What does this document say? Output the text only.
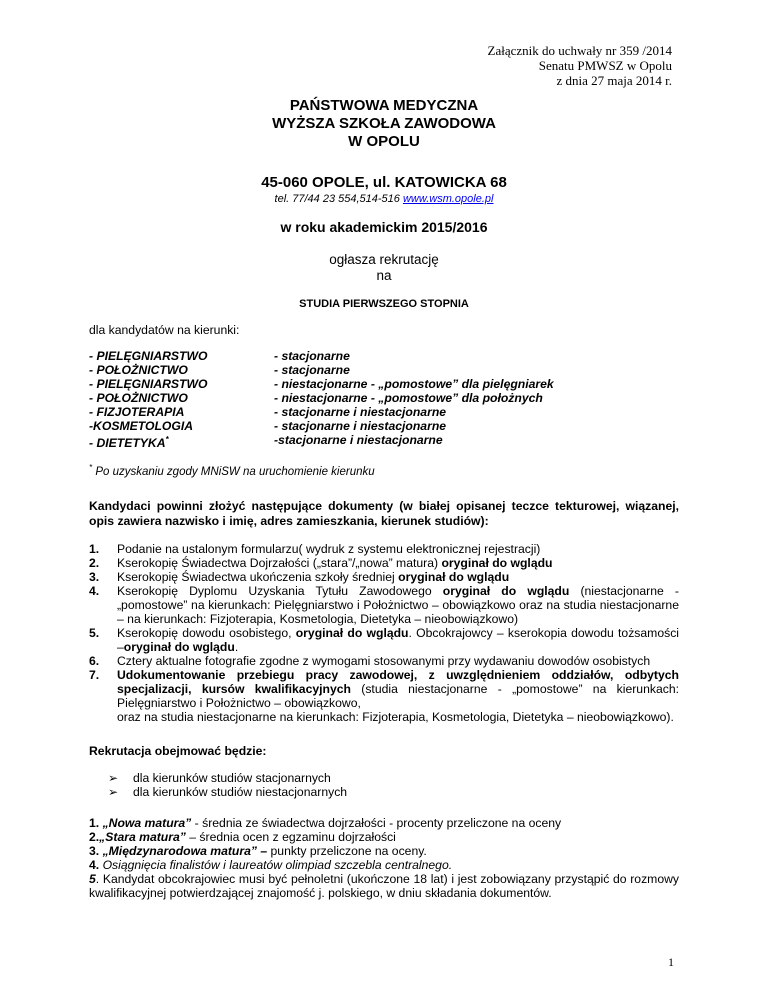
Załącznik do uchwały nr 359 /2014
Senatu PMWSZ w Opolu
z dnia 27 maja 2014 r.
PAŃSTWOWA MEDYCZNA
WYŻSZA SZKOŁA ZAWODOWA
W OPOLU
45-060 OPOLE, ul. KATOWICKA 68
tel. 77/44 23 554,514-516 www.wsm.opole.pl
w roku akademickim 2015/2016
ogłasza rekrutację
na
STUDIA PIERWSZEGO STOPNIA
dla kandydatów na kierunki:
- PIELĘGNIARSTWO
- POŁOŻNICTWO
- PIELĘGNIARSTWO
- POŁOŻNICTWO
- FIZJOTERAPIA
-KOSMETOLOGIA
- DIETETYKA*
- stacjonarne
- stacjonarne
- niestacjonarne - „pomostowe” dla pielęgniarek
- niestacjonarne - „pomostowe” dla położnych
- stacjonarne i niestacjonarne
- stacjonarne i niestacjonarne
-stacjonarne i niestacjonarne
* Po uzyskaniu zgody MNiSW na uruchomienie kierunku
Kandydaci powinni złożyć następujące dokumenty (w białej opisanej teczce tekturowej, wiązanej, opis zawiera nazwisko i imię, adres zamieszkania, kierunek studiów):
1. Podanie na ustalonym formularzu( wydruk z systemu elektronicznej rejestracji)
2. Kserokopię Świadectwa Dojrzałości („stara”/„nowa” matura) oryginał do wglądu
3. Kserokopię Świadectwa ukończenia szkoły średniej oryginał do wglądu
4. Kserokopię Dyplomu Uzyskania Tytułu Zawodowego oryginał do wglądu (niestacjonarne - „pomostowe” na kierunkach: Pielęgniarstwo i Położnictwo – obowiązkowo oraz na studia niestacjonarne – na kierunkach: Fizjoterapia, Kosmetologia, Dietetyka – nieobowiązkowo)
5. Kserokopię dowodu osobistego, oryginał do wglądu. Obcokrajowcy – kserokopia dowodu tożsamości –oryginał do wglądu.
6. Cztery aktualne fotografie zgodne z wymogami stosowanymi przy wydawaniu dowodów osobistych
7. Udokumentowanie przebiegu pracy zawodowej, z uwzględnieniem oddziałów, odbytych specjalizacji, kursów kwalifikacyjnych (studia niestacjonarne - „pomostowe” na kierunkach: Pielęgniarstwo i Położnictwo – obowiązkowo,
oraz na studia niestacjonarne na kierunkach: Fizjoterapia, Kosmetologia, Dietetyka – nieobowiązkowo).
Rekrutacja obejmować będzie:
➢ dla kierunków studiów stacjonarnych
➢ dla kierunków studiów niestacjonarnych
1. „Nowa matura” - średnia ze świadectwa dojrzałości - procenty przeliczone na oceny
2.„Stara matura” – średnia ocen z egzaminu dojrzałości
3. „Międzynarodowa matura” – punkty przeliczone na oceny.
4. Osiągnięcia finalistów i laureatów olimpiad szczebla centralnego.
5. Kandydat obcokrajowiec musi być pełnoletni (ukończone 18 lat) i jest zobowiązany przystąpić do rozmowy kwalifikacyjnej potwierdzającej znajomość j. polskiego, w dniu składania dokumentów.
1
